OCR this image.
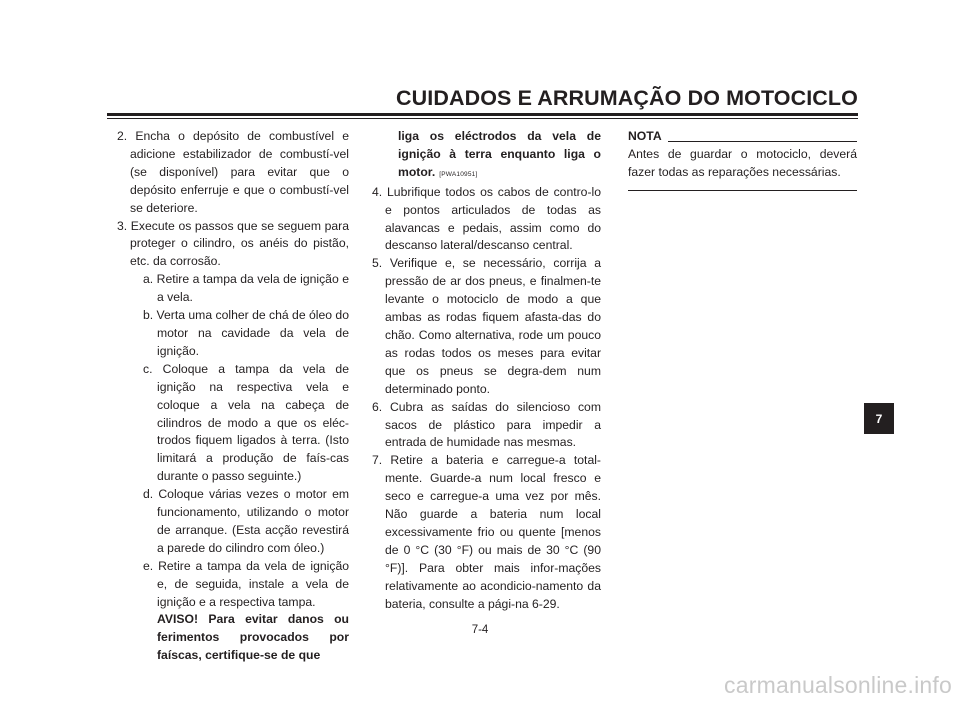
CUIDADOS E ARRUMAÇÃO DO MOTOCICLO

2. Encha o depósito de combustível e adicione estabilizador de combustí-vel (se disponível) para evitar que o depósito enferruje e que o combustí-vel se deteriore.

3. Execute os passos que se seguem para proteger o cilindro, os anéis do pistão, etc. da corrosão.

a. Retire a tampa da vela de ignição e a vela.

b. Verta uma colher de chá de óleo do motor na cavidade da vela de ignição.

c. Coloque a tampa da vela de ignição na respectiva vela e coloque a vela na cabeça de cilindros de modo a que os eléc-trodos fiquem ligados à terra. (Isto limitará a produção de faís-cas durante o passo seguinte.)

d. Coloque várias vezes o motor em funcionamento, utilizando o motor de arranque. (Esta acção revestirá a parede do cilindro com óleo.)

e. Retire a tampa da vela de ignição e, de seguida, instale a vela de ignição e a respectiva tampa.

AVISO! Para evitar danos ou ferimentos provocados por faíscas, certifique-se de que

liga os eléctrodos da vela de ignição à terra enquanto liga o motor. [PWA10951]

4. Lubrifique todos os cabos de contro-lo e pontos articulados de todas as alavancas e pedais, assim como do descanso lateral/descanso central.

5. Verifique e, se necessário, corrija a pressão de ar dos pneus, e finalmen-te levante o motociclo de modo a que ambas as rodas fiquem afasta-das do chão. Como alternativa, rode um pouco as rodas todos os meses para evitar que os pneus se degra-dem num determinado ponto.

6. Cubra as saídas do silencioso com sacos de plástico para impedir a entrada de humidade nas mesmas.

7. Retire a bateria e carregue-a total-mente. Guarde-a num local fresco e seco e carregue-a uma vez por mês. Não guarde a bateria num local excessivamente frio ou quente [menos de 0 °C (30 °F) ou mais de 30 °C (90 °F)]. Para obter mais infor-mações relativamente ao acondicio-namento da bateria, consulte a pági-na 6-29.

NOTA

Antes de guardar o motociclo, deverá fazer todas as reparações necessárias.

7
7-4
carmanualsonline.info
